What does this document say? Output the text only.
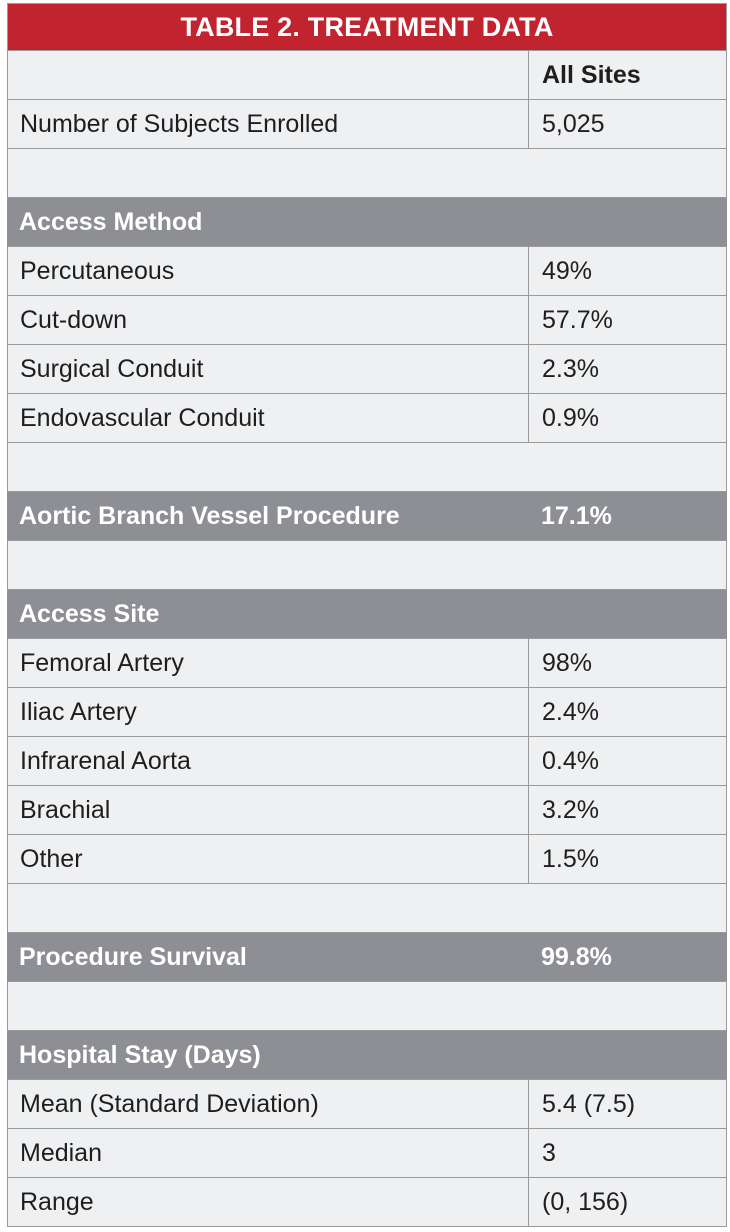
TABLE 2. TREATMENT DATA
All Sites
Number of Subjects Enrolled	5,025
Access Method
Percutaneous	49%
Cut-down	57.7%
Surgical Conduit	2.3%
Endovascular Conduit	0.9%
Aortic Branch Vessel Procedure	17.1%
Access Site
Femoral Artery	98%
Iliac Artery	2.4%
Infrarenal Aorta	0.4%
Brachial	3.2%
Other	1.5%
Procedure Survival	99.8%
Hospital Stay (Days)
Mean (Standard Deviation)	5.4 (7.5)
Median	3
Range	(0, 156)
